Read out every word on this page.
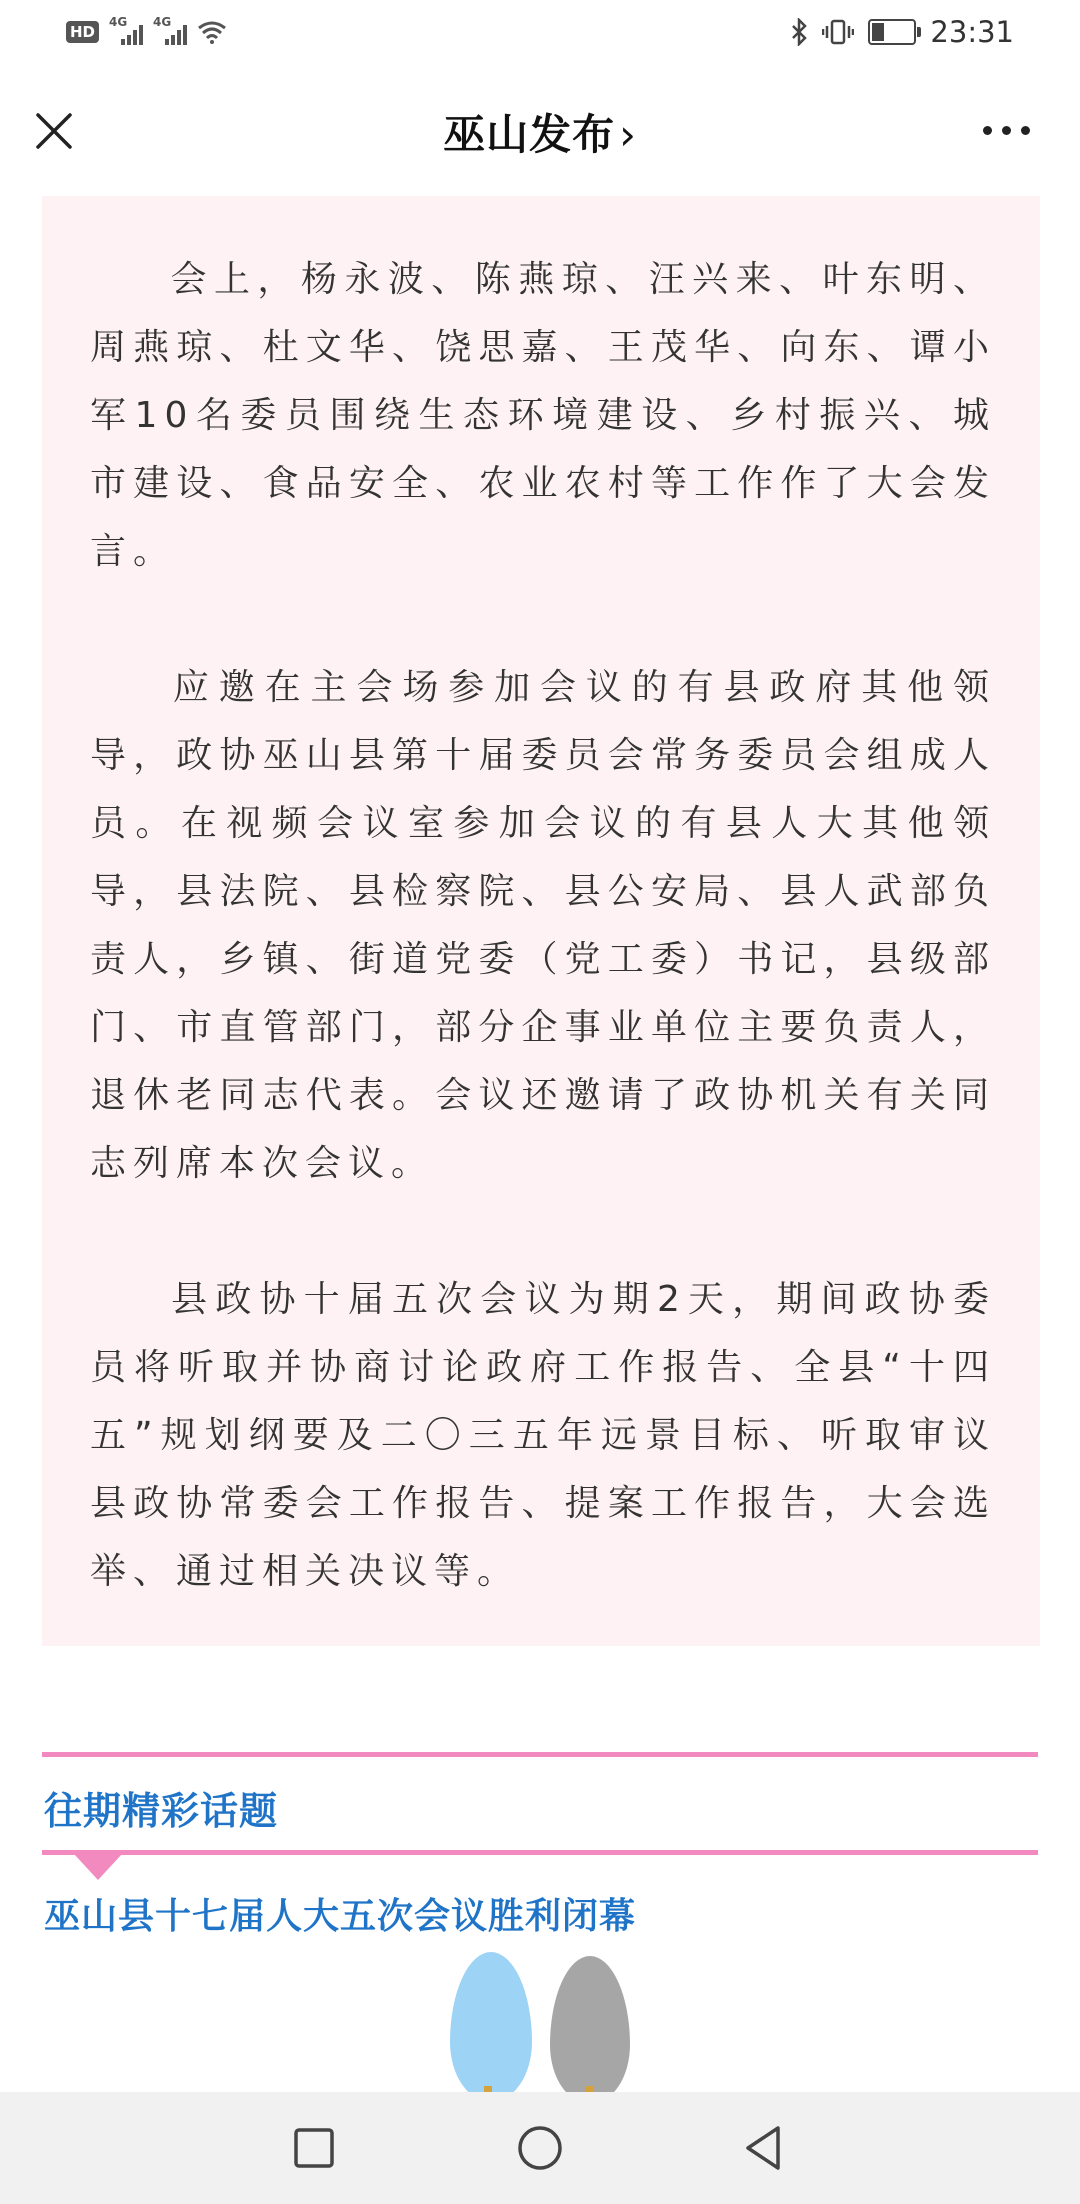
HD
4G 4G	23:31
巫山发布›

会上，杨永波、陈燕琼、汪兴来、叶东明、周燕琼、杜文华、饶思嘉、王茂华、向东、谭小军10名委员围绕生态环境建设、乡村振兴、城市建设、食品安全、农业农村等工作作了大会发言。

应邀在主会场参加会议的有县政府其他领导，政协巫山县第十届委员会常务委员会组成人员。在视频会议室参加会议的有县人大其他领导，县法院、县检察院、县公安局、县人武部负责人，乡镇、街道党委（党工委）书记，县级部门、市直管部门，部分企事业单位主要负责人，退休老同志代表。会议还邀请了政协机关有关同志列席本次会议。

县政协十届五次会议为期2天，期间政协委员将听取并协商讨论政府工作报告、全县“十四五”规划纲要及二〇三五年远景目标、听取审议县政协常委会工作报告、提案工作报告，大会选举、通过相关决议等。

往期精彩话题
巫山县十七届人大五次会议胜利闭幕
